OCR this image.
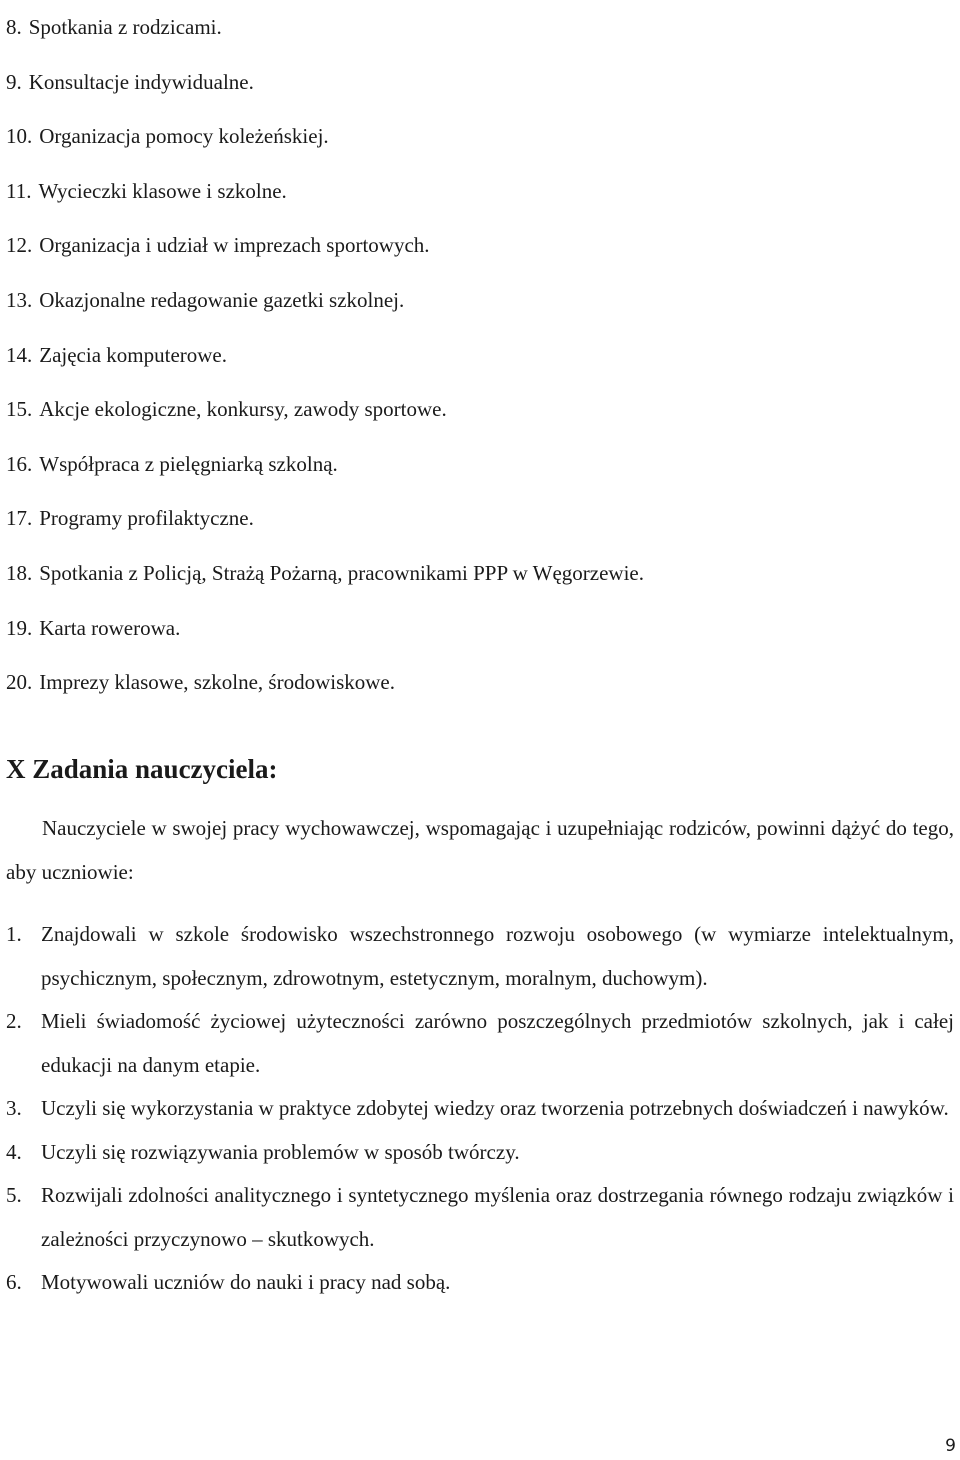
8. Spotkania z rodzicami.
9. Konsultacje indywidualne.
10. Organizacja pomocy koleżeńskiej.
11. Wycieczki klasowe i szkolne.
12. Organizacja i udział w imprezach sportowych.
13. Okazjonalne redagowanie gazetki szkolnej.
14. Zajęcia komputerowe.
15. Akcje ekologiczne, konkursy, zawody sportowe.
16. Współpraca z pielęgniarką szkolną.
17. Programy profilaktyczne.
18. Spotkania z Policją, Strażą Pożarną, pracownikami PPP w Węgorzewie.
19. Karta rowerowa.
20. Imprezy klasowe, szkolne, środowiskowe.
X Zadania nauczyciela:
Nauczyciele w swojej pracy wychowawczej, wspomagając i uzupełniając rodziców, powinni dążyć do tego, aby uczniowie:
1. Znajdowali w szkole środowisko wszechstronnego rozwoju osobowego (w wymiarze intelektualnym, psychicznym, społecznym, zdrowotnym, estetycznym, moralnym, duchowym).
2. Mieli świadomość życiowej użyteczności zarówno poszczególnych przedmiotów szkolnych, jak i całej edukacji na danym etapie.
3. Uczyli się wykorzystania w praktyce zdobytej wiedzy oraz tworzenia potrzebnych doświadczeń i nawyków.
4. Uczyli się rozwiązywania problemów w sposób twórczy.
5. Rozwijali zdolności analitycznego i syntetycznego myślenia oraz dostrzegania równego rodzaju związków i zależności przyczynowo – skutkowych.
6. Motywowali uczniów do nauki i pracy nad sobą.
9
